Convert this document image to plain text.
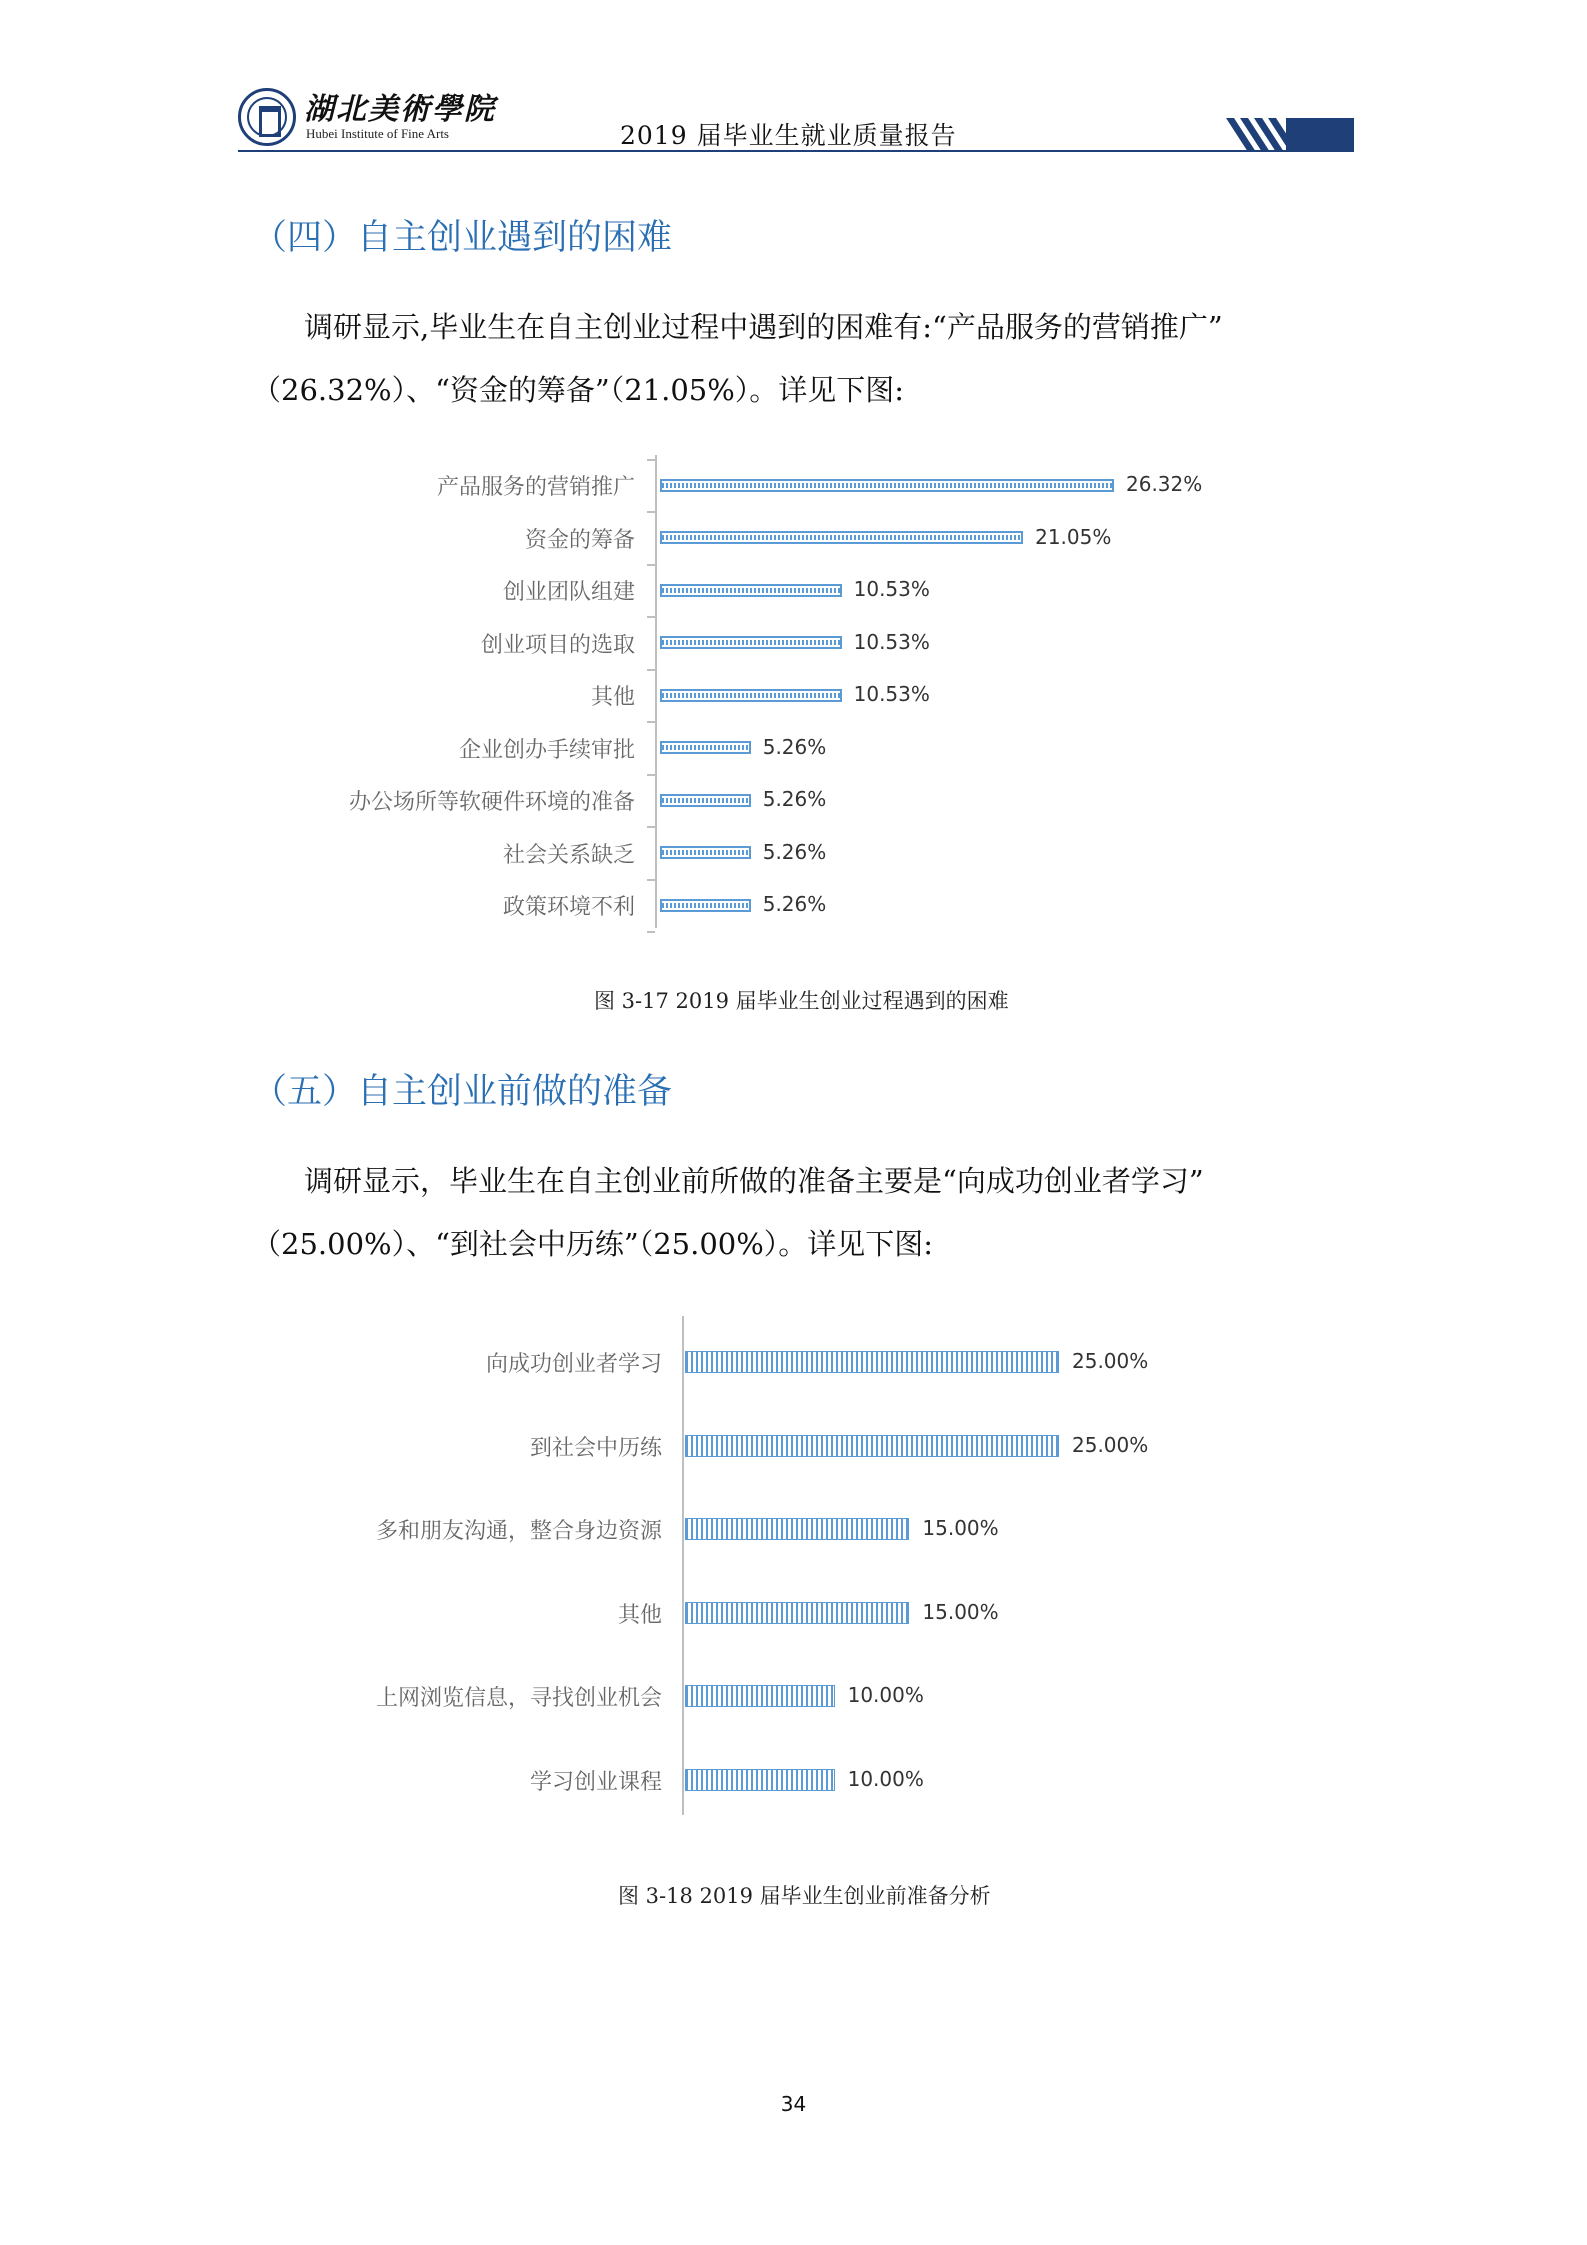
湖北美術學院
Hubei Institute of Fine Arts	2019 届毕业生就业质量报告
（四）自主创业遇到的困难
调研显示,毕业生在自主创业过程中遇到的困难有:“产品服务的营销推广”
（26.32%）、“资金的筹备”（21.05%）。详见下图:
产品服务的营销推广	26.32%
资金的筹备	21.05%
创业团队组建	10.53%
创业项目的选取	10.53%
其他	10.53%
企业创办手续审批	5.26%
办公场所等软硬件环境的准备	5.26%
社会关系缺乏	5.26%
政策环境不利	5.26%
图 3-17 2019 届毕业生创业过程遇到的困难
（五）自主创业前做的准备
调研显示，毕业生在自主创业前所做的准备主要是“向成功创业者学习”
（25.00%）、“到社会中历练”（25.00%）。详见下图:
向成功创业者学习	25.00%
到社会中历练	25.00%
多和朋友沟通，整合身边资源	15.00%
其他	15.00%
上网浏览信息，寻找创业机会	10.00%
学习创业课程	10.00%
图 3-18 2019 届毕业生创业前准备分析
34
